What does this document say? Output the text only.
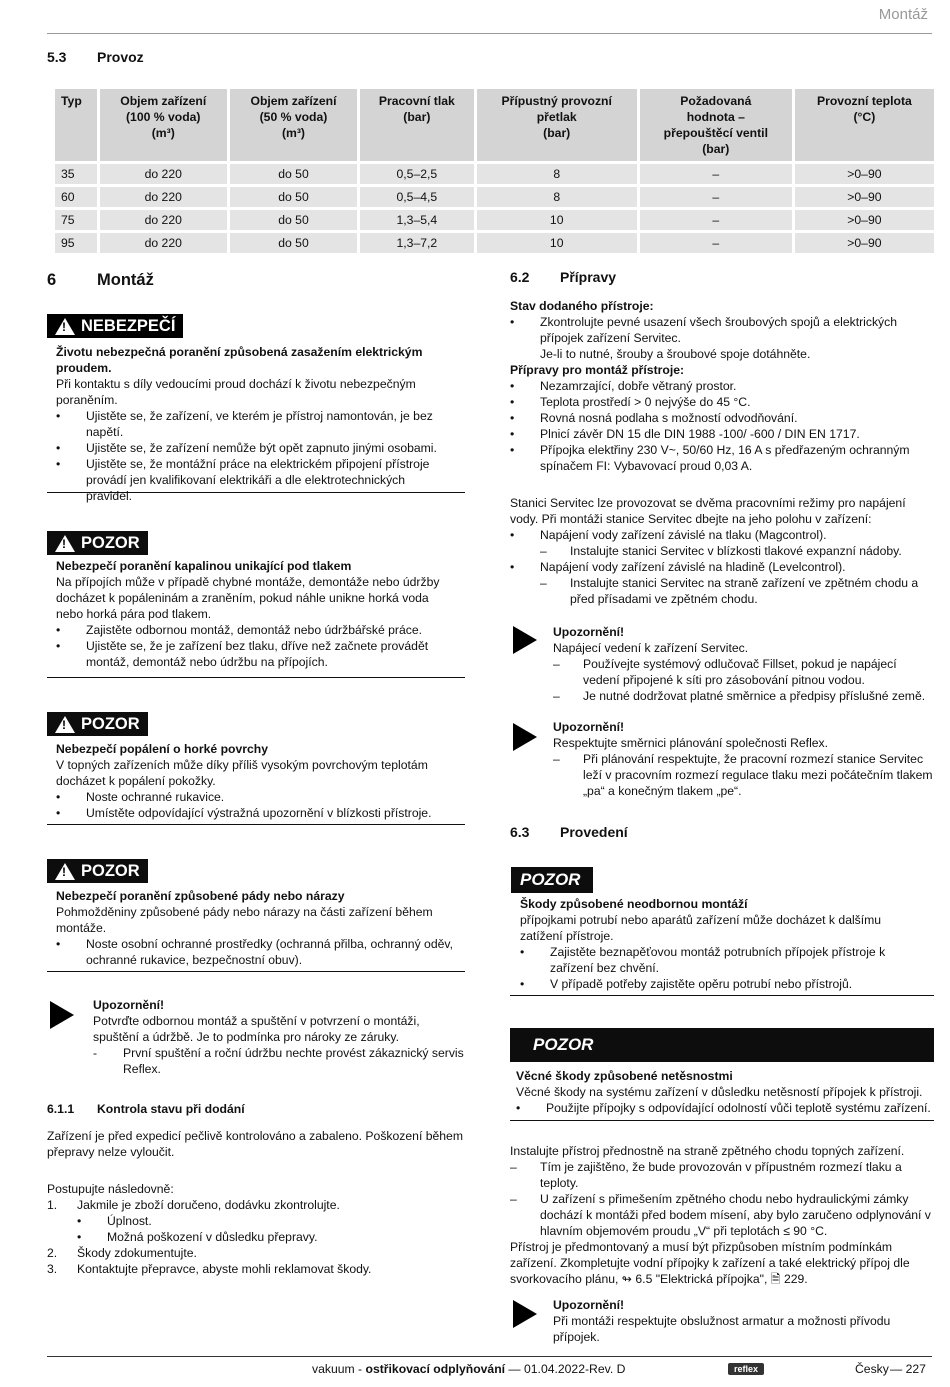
Montáž
5.3 Provoz
Typ	Objem zařízení
(100 % voda)
(m³)	Objem zařízení
(50 % voda)
(m³)	Pracovní tlak
(bar)	Přípustný provozní
přetlak
(bar)	Požadovaná
hodnota –
přepouštěcí ventil
(bar)	Provozní teplota
(°C)
35	do 220	do 50	0,5–2,5	8	–	>0–90
60	do 220	do 50	0,5–4,5	8	–	>0–90
75	do 220	do 50	1,3–5,4	10	–	>0–90
95	do 220	do 50	1,3–7,2	10	–	>0–90
6 Montáž
!
NEBEZPEČÍ
Životu nebezpečná poranění způsobená zasažením elektrickým proudem.
Při kontaktu s díly vedoucími proud dochází k životu nebezpečným poraněním.
• Ujistěte se, že zařízení, ve kterém je přístroj namontován, je bez napětí.
• Ujistěte se, že zařízení nemůže být opět zapnuto jinými osobami.
• Ujistěte se, že montážní práce na elektrickém připojení přístroje provádí jen kvalifikovaní elektrikáři a dle elektrotechnických pravidel.
!
POZOR
Nebezpečí poranění kapalinou unikající pod tlakem
Na přípojích může v případě chybné montáže, demontáže nebo údržby docházet k popáleninám a zraněním, pokud náhle unikne horká voda nebo horká pára pod tlakem.
• Zajistěte odbornou montáž, demontáž nebo údržbářské práce.
• Ujistěte se, že je zařízení bez tlaku, dříve než začnete provádět montáž, demontáž nebo údržbu na přípojích.
!
POZOR
Nebezpečí popálení o horké povrchy
V topných zařízeních může díky příliš vysokým povrchovým teplotám docházet k popálení pokožky.
• Noste ochranné rukavice.
• Umístěte odpovídající výstražná upozornění v blízkosti přístroje.
!
POZOR
Nebezpečí poranění způsobené pády nebo nárazy
Pohmožděniny způsobené pády nebo nárazy na části zařízení během montáže.
• Noste osobní ochranné prostředky (ochranná přilba, ochranný oděv, ochranné rukavice, bezpečnostní obuv).
Upozornění!
Potvrďte odbornou montáž a spuštění v potvrzení o montáži, spuštění a údržbě. Je to podmínka pro nároky ze záruky.
- První spuštění a roční údržbu nechte provést zákaznický servis Reflex.
6.1.1 Kontrola stavu při dodání
Zařízení je před expedicí pečlivě kontrolováno a zabaleno. Poškození během přepravy nelze vyloučit.
Postupujte následovně:
1. Jakmile je zboží doručeno, dodávku zkontrolujte.
• Úplnost.
• Možná poškození v důsledku přepravy.
2. Škody zdokumentujte.
3. Kontaktujte přepravce, abyste mohli reklamovat škody.
6.2 Přípravy
Stav dodaného přístroje:
• Zkontrolujte pevné usazení všech šroubových spojů a elektrických přípojek zařízení Servitec.
Je-li to nutné, šrouby a šroubové spoje dotáhněte.
Přípravy pro montáž přístroje:
• Nezamrzající, dobře větraný prostor.
• Teplota prostředí > 0 nejvýše do 45 °C.
• Rovná nosná podlaha s možností odvodňování.
• Plnicí závěr DN 15 dle DIN 1988 -100/ -600 / DIN EN 1717.
• Přípojka elektřiny 230 V~, 50/60 Hz, 16 A s předřazeným ochranným spínačem FI: Vybavovací proud 0,03 A.
Stanici Servitec lze provozovat se dvěma pracovními režimy pro napájení vody. Při montáži stanice Servitec dbejte na jeho polohu v zařízení:
• Napájení vody zařízení závislé na tlaku (Magcontrol).
– Instalujte stanici Servitec v blízkosti tlakové expanzní nádoby.
• Napájení vody zařízení závislé na hladině (Levelcontrol).
– Instalujte stanici Servitec na straně zařízení ve zpětném chodu a před přísadami ve zpětném chodu.
Upozornění!
Napájecí vedení k zařízení Servitec.
– Používejte systémový odlučovač Fillset, pokud je napájecí vedení připojené k síti pro zásobování pitnou vodou.
– Je nutné dodržovat platné směrnice a předpisy příslušné země.
Upozornění!
Respektujte směrnici plánování společnosti Reflex.
– Při plánování respektujte, že pracovní rozmezí stanice Servitec leží v pracovním rozmezí regulace tlaku mezi počátečním tlakem „pa“ a konečným tlakem „pe“.
6.3 Provedení
POZOR
Škody způsobené neodbornou montáží
přípojkami potrubí nebo aparátů zařízení může docházet k dalšímu zatížení přístroje.
• Zajistěte beznapěťovou montáž potrubních přípojek přístroje k zařízení bez chvění.
• V případě potřeby zajistěte opěru potrubí nebo přístrojů.
POZOR
Věcné škody způsobené netěsnostmi
Věcné škody na systému zařízení v důsledku netěsností přípojek k přístroji.
• Použijte přípojky s odpovídající odolností vůči teplotě systému zařízení.
Instalujte přístroj přednostně na straně zpětného chodu topných zařízení.
– Tím je zajištěno, že bude provozován v přípustném rozmezí tlaku a teploty.
– U zařízení s přimešením zpětného chodu nebo hydraulickými zámky dochází k montáži před bodem mísení, aby bylo zaručeno odplynování v hlavním objemovém proudu „V“ při teplotách ≤ 90 °C.
Přístroj je předmontovaný a musí být přizpůsoben místním podmínkám zařízení. Zkompletujte vodní přípojky k zařízení a také elektrický přípoj dle svorkovacího plánu, ↬ 6.5 "Elektrická přípojka", 🗎 229.
Upozornění!
Při montáži respektujte obslužnost armatur a možnosti přívodu přípojek.
vakuum - ostřikovací odplyňování — 01.04.2022-Rev. D	reflex	Česky — 227
